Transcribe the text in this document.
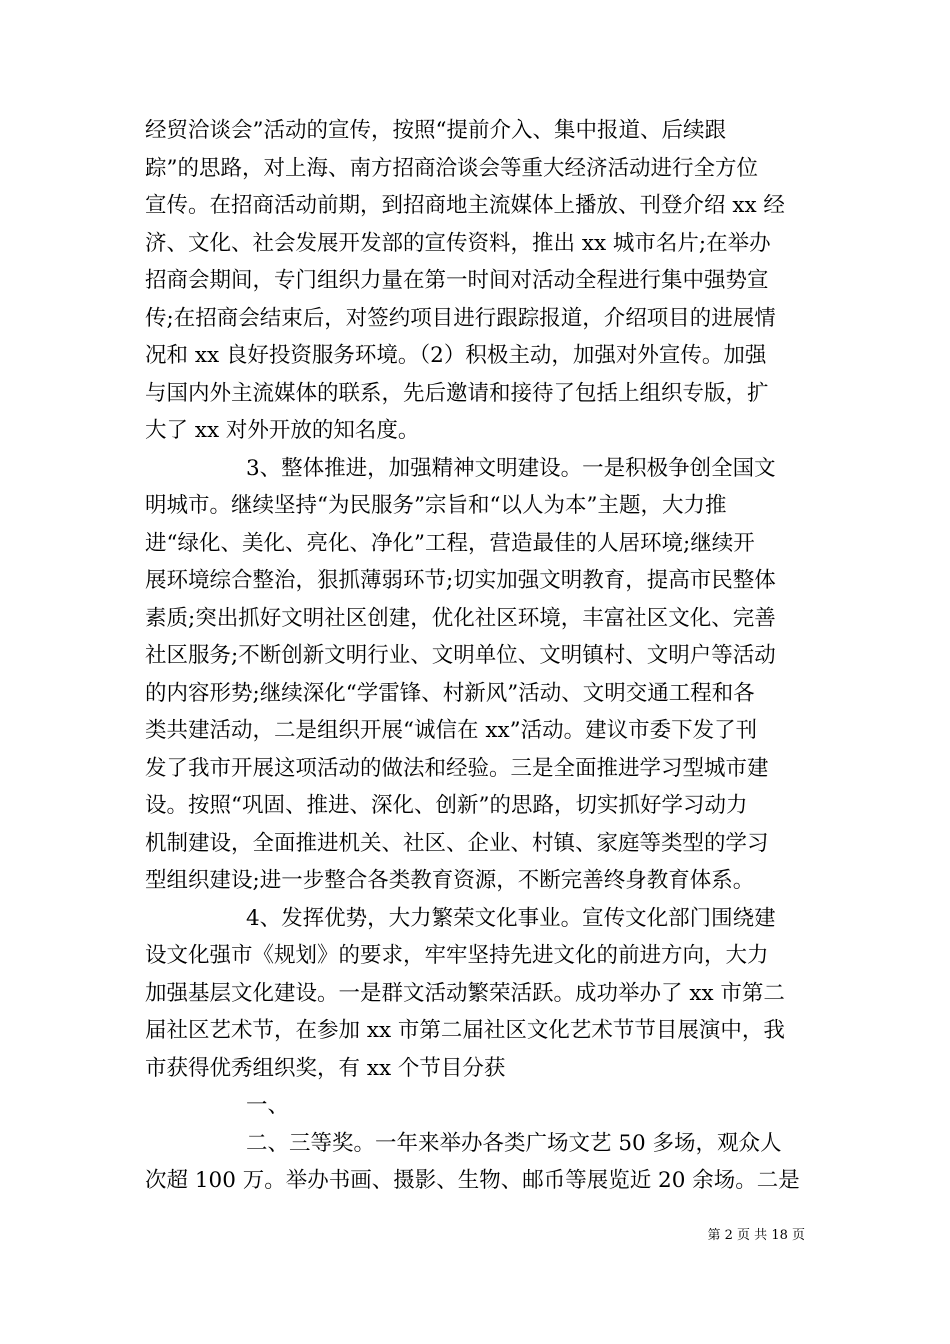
经贸洽谈会”活动的宣传，按照“提前介入、集中报道、后续跟
踪”的思路，对上海、南方招商洽谈会等重大经济活动进行全方位
宣传。在招商活动前期，到招商地主流媒体上播放、刊登介绍 xx 经
济、文化、社会发展开发部的宣传资料，推出 xx 城市名片;在举办
招商会期间，专门组织力量在第一时间对活动全程进行集中强势宣
传;在招商会结束后，对签约项目进行跟踪报道，介绍项目的进展情
况和 xx 良好投资服务环境。（2）积极主动，加强对外宣传。加强
与国内外主流媒体的联系，先后邀请和接待了包括上组织专版，扩
大了 xx 对外开放的知名度。
3、整体推进，加强精神文明建设。一是积极争创全国文
明城市。继续坚持“为民服务”宗旨和“以人为本”主题，大力推
进“绿化、美化、亮化、净化”工程，营造最佳的人居环境;继续开
展环境综合整治，狠抓薄弱环节;切实加强文明教育，提高市民整体
素质;突出抓好文明社区创建，优化社区环境，丰富社区文化、完善
社区服务;不断创新文明行业、文明单位、文明镇村、文明户等活动
的内容形势;继续深化“学雷锋、村新风”活动、文明交通工程和各
类共建活动，二是组织开展“诚信在 xx”活动。建议市委下发了刊
发了我市开展这项活动的做法和经验。三是全面推进学习型城市建
设。按照“巩固、推进、深化、创新”的思路，切实抓好学习动力
机制建设，全面推进机关、社区、企业、村镇、家庭等类型的学习
型组织建设;进一步整合各类教育资源，不断完善终身教育体系。
4、发挥优势，大力繁荣文化事业。宣传文化部门围绕建
设文化强市《规划》的要求，牢牢坚持先进文化的前进方向，大力
加强基层文化建设。一是群文活动繁荣活跃。成功举办了 xx 市第二
届社区艺术节，在参加 xx 市第二届社区文化艺术节节目展演中，我
市获得优秀组织奖，有 xx 个节目分获
一、
二、三等奖。一年来举办各类广场文艺 50 多场，观众人
次超 100 万。举办书画、摄影、生物、邮币等展览近 20 余场。二是
第 2 页 共 18 页
